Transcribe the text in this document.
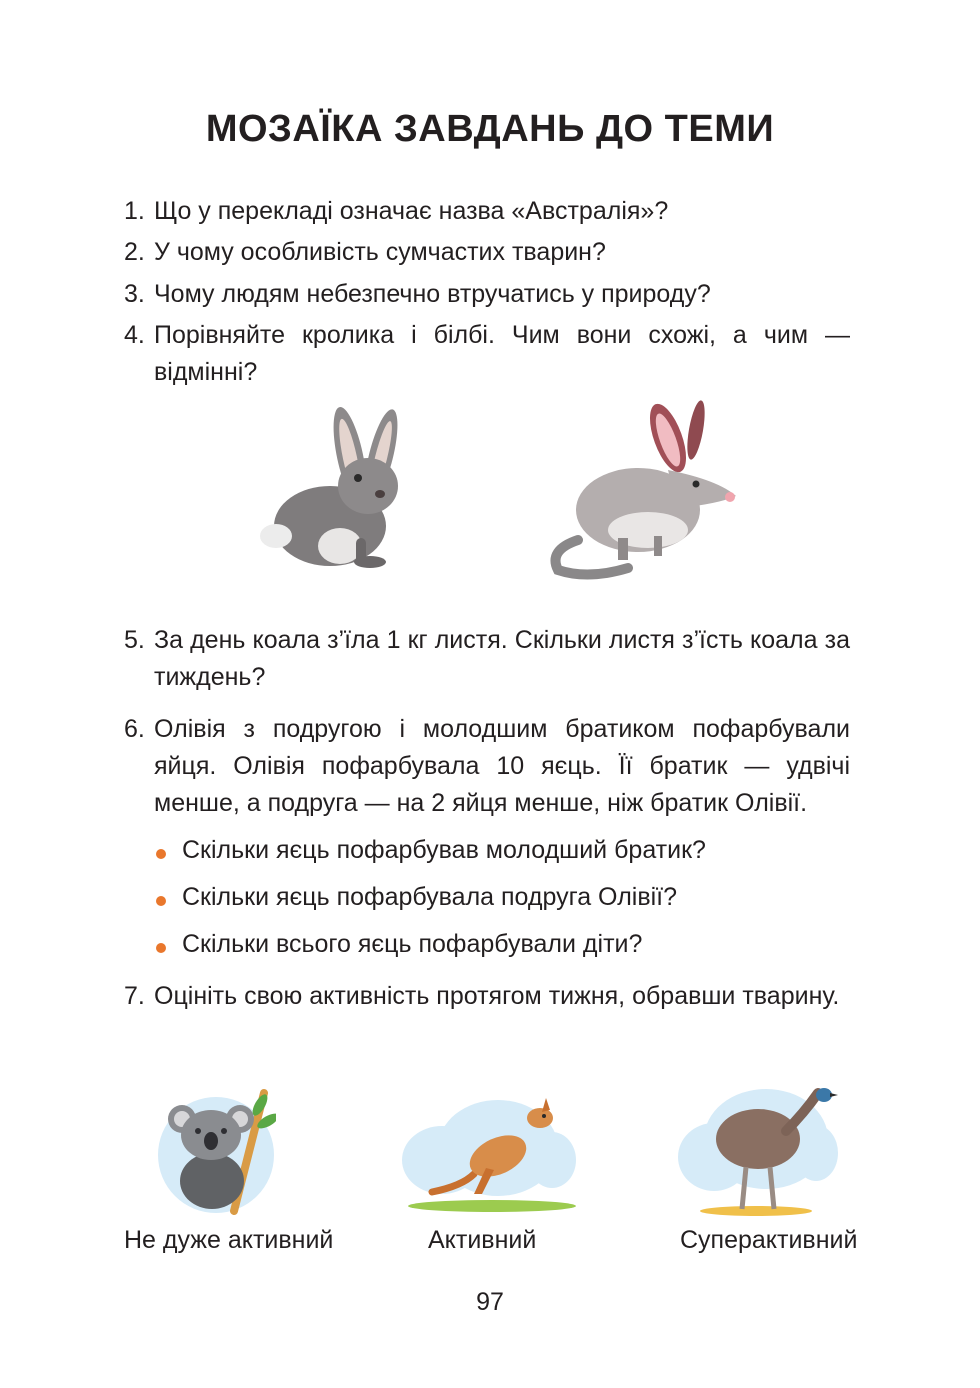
МОЗАЇКА ЗАВДАНЬ ДО ТЕМИ
1. Що у перекладі означає назва «Австралія»?
2. У чому особливість сумчастих тварин?
3. Чому людям небезпечно втручатись у природу?
4. Порівняйте кролика і білбі. Чим вони схожі, а чим — відмінні?
5. За день коала з’їла 1 кг листя. Скільки листя з’їсть коала за тиждень?
6. Олівія з подругою і молодшим братиком пофарбували яйця. Олівія пофарбувала 10 яєць. Її братик — удвічі менше, а подруга — на 2 яйця менше, ніж братик Олівії.
Скільки яєць пофарбував молодший братик?
Скільки яєць пофарбувала подруга Олівії?
Скільки всього яєць пофарбували діти?
7. Оцініть свою активність протягом тижня, обравши тварину.
Не дуже активний	Активний	Суперактивний
97
